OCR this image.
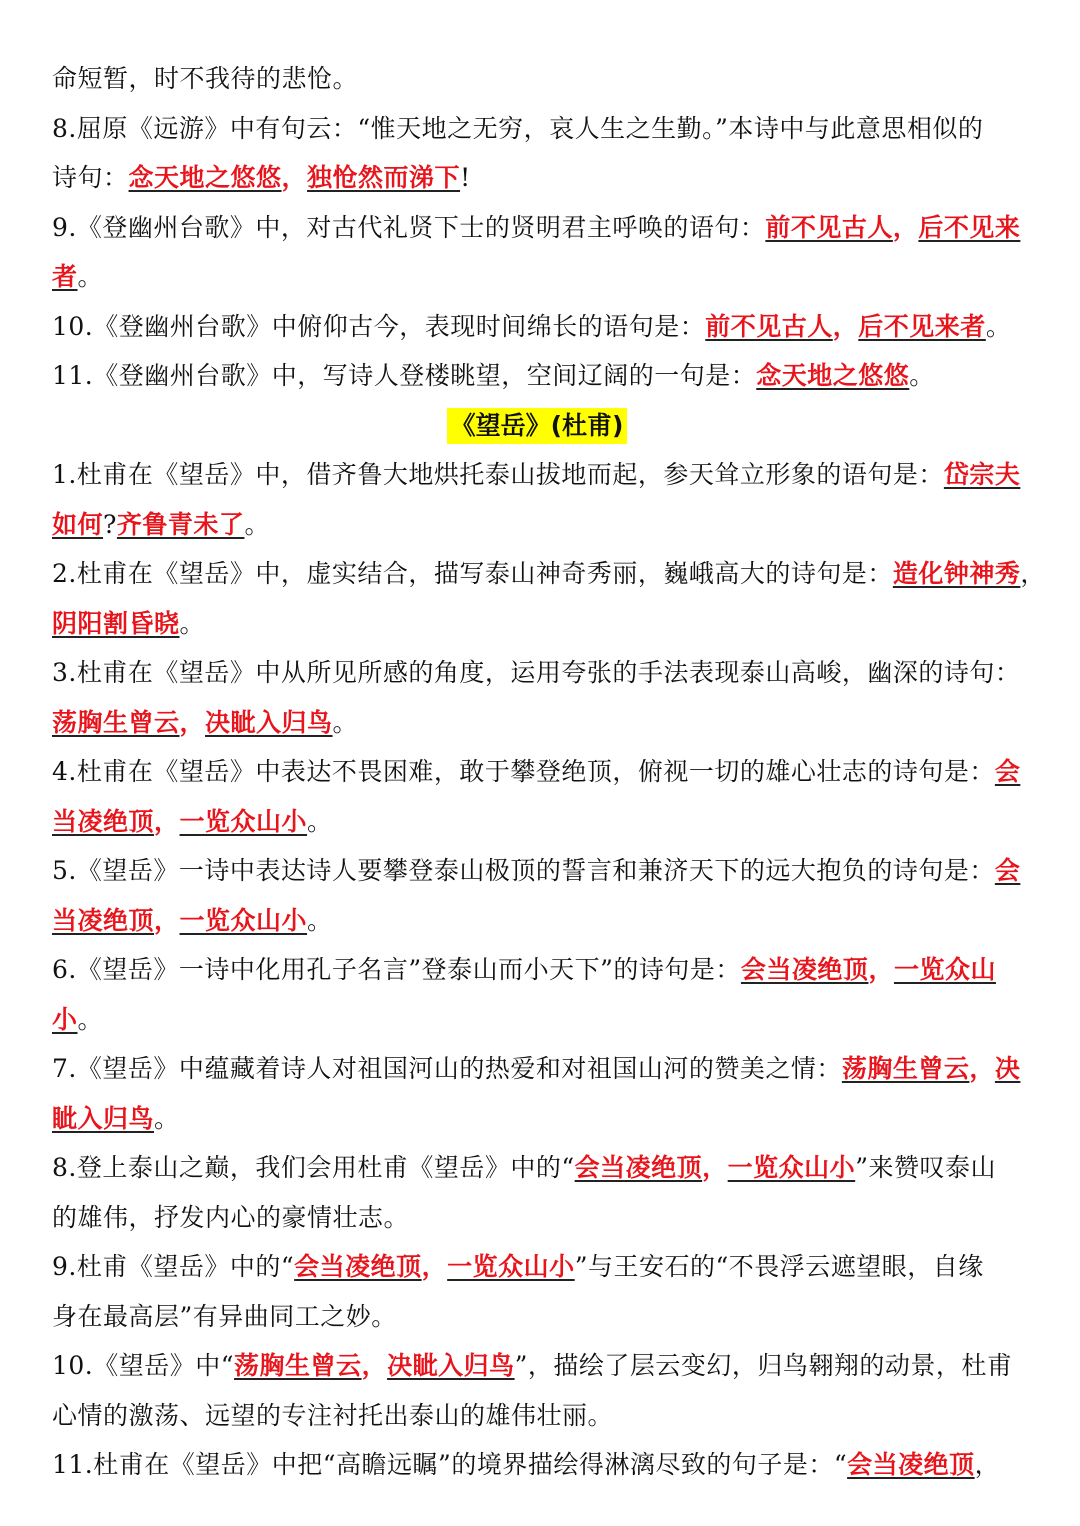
命短暂，时不我待的悲怆。
8.屈原《远游》中有句云：“惟天地之无穷，哀人生之生勤。”本诗中与此意思相似的
诗句：念天地之悠悠，独怆然而涕下!
9.《登幽州台歌》中，对古代礼贤下士的贤明君主呼唤的语句：前不见古人，后不见来
者。
10.《登幽州台歌》中俯仰古今，表现时间绵长的语句是：前不见古人，后不见来者。
11.《登幽州台歌》中，写诗人登楼眺望，空间辽阔的一句是：念天地之悠悠。
《望岳》(杜甫)
1.杜甫在《望岳》中，借齐鲁大地烘托泰山拔地而起，参天耸立形象的语句是：岱宗夫
如何?齐鲁青未了。
2.杜甫在《望岳》中，虚实结合，描写泰山神奇秀丽，巍峨高大的诗句是：造化钟神秀，
阴阳割昏晓。
3.杜甫在《望岳》中从所见所感的角度，运用夸张的手法表现泰山高峻，幽深的诗句：
荡胸生曾云，决眦入归鸟。
4.杜甫在《望岳》中表达不畏困难，敢于攀登绝顶，俯视一切的雄心壮志的诗句是：会
当凌绝顶，一览众山小。
5.《望岳》一诗中表达诗人要攀登泰山极顶的誓言和兼济天下的远大抱负的诗句是：会
当凌绝顶，一览众山小。
6.《望岳》一诗中化用孔子名言”登泰山而小天下”的诗句是：会当凌绝顶，一览众山
小。
7.《望岳》中蕴藏着诗人对祖国河山的热爱和对祖国山河的赞美之情：荡胸生曾云，决
眦入归鸟。
8.登上泰山之巅，我们会用杜甫《望岳》中的“会当凌绝顶，一览众山小”来赞叹泰山
的雄伟，抒发内心的豪情壮志。
9.杜甫《望岳》中的“会当凌绝顶，一览众山小”与王安石的“不畏浮云遮望眼，自缘
身在最高层”有异曲同工之妙。
10.《望岳》中“荡胸生曾云，决眦入归鸟”，描绘了层云变幻，归鸟翱翔的动景，杜甫
心情的激荡、远望的专注衬托出泰山的雄伟壮丽。
11.杜甫在《望岳》中把“高瞻远瞩”的境界描绘得淋漓尽致的句子是：“会当凌绝顶，
